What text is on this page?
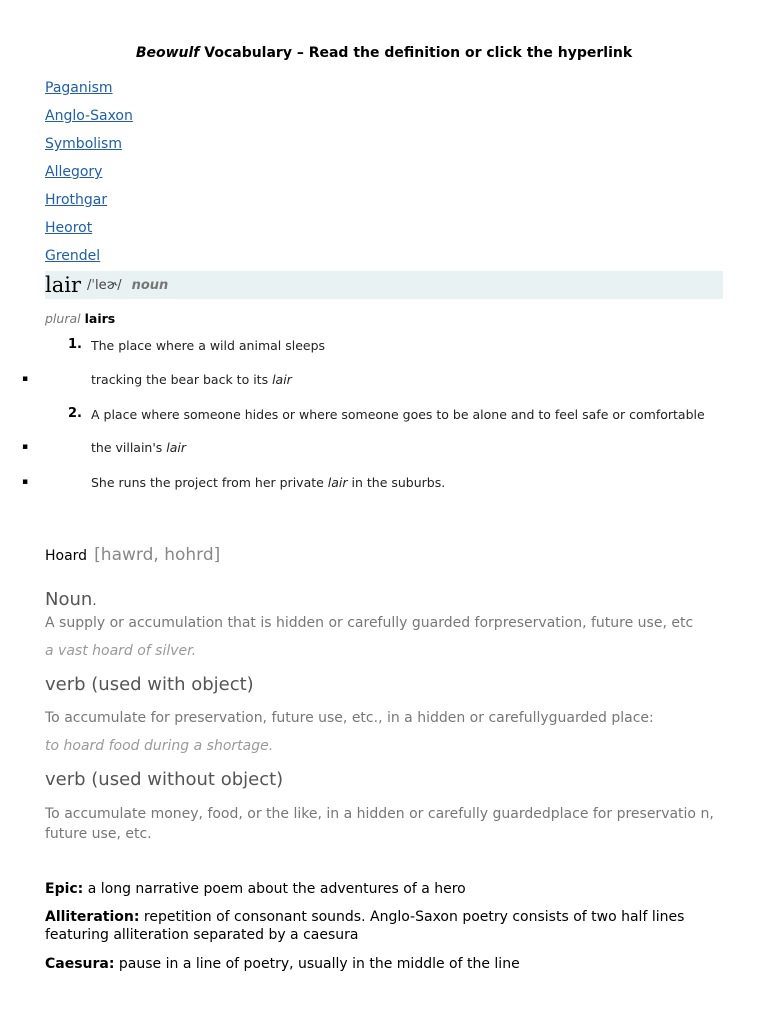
Beowulf Vocabulary – Read the definition or click the hyperlink
Paganism
Anglo-Saxon
Symbolism
Allegory
Hrothgar
Heorot
Grendel
lair /ˈleɚ/ noun
plural lairs
1. The place where a wild animal sleeps
▪	tracking the bear back to its lair
2. A place where someone hides or where someone goes to be alone and to feel safe or comfortable
▪	the villain's lair
▪	She runs the project from her private lair in the suburbs.
Hoard [hawrd, hohrd]
Noun.
A supply or accumulation that is hidden or carefully guarded forpreservation, future use, etc
a vast hoard of silver.
verb (used with object)
To accumulate for preservation, future use, etc., in a hidden or carefullyguarded place:
to hoard food during a shortage.
verb (used without object)
To accumulate money, food, or the like, in a hidden or carefully guardedplace for preservatio n, future use, etc.
Epic: a long narrative poem about the adventures of a hero
Alliteration: repetition of consonant sounds. Anglo-Saxon poetry consists of two half lines featuring alliteration separated by a caesura
Caesura: pause in a line of poetry, usually in the middle of the line
